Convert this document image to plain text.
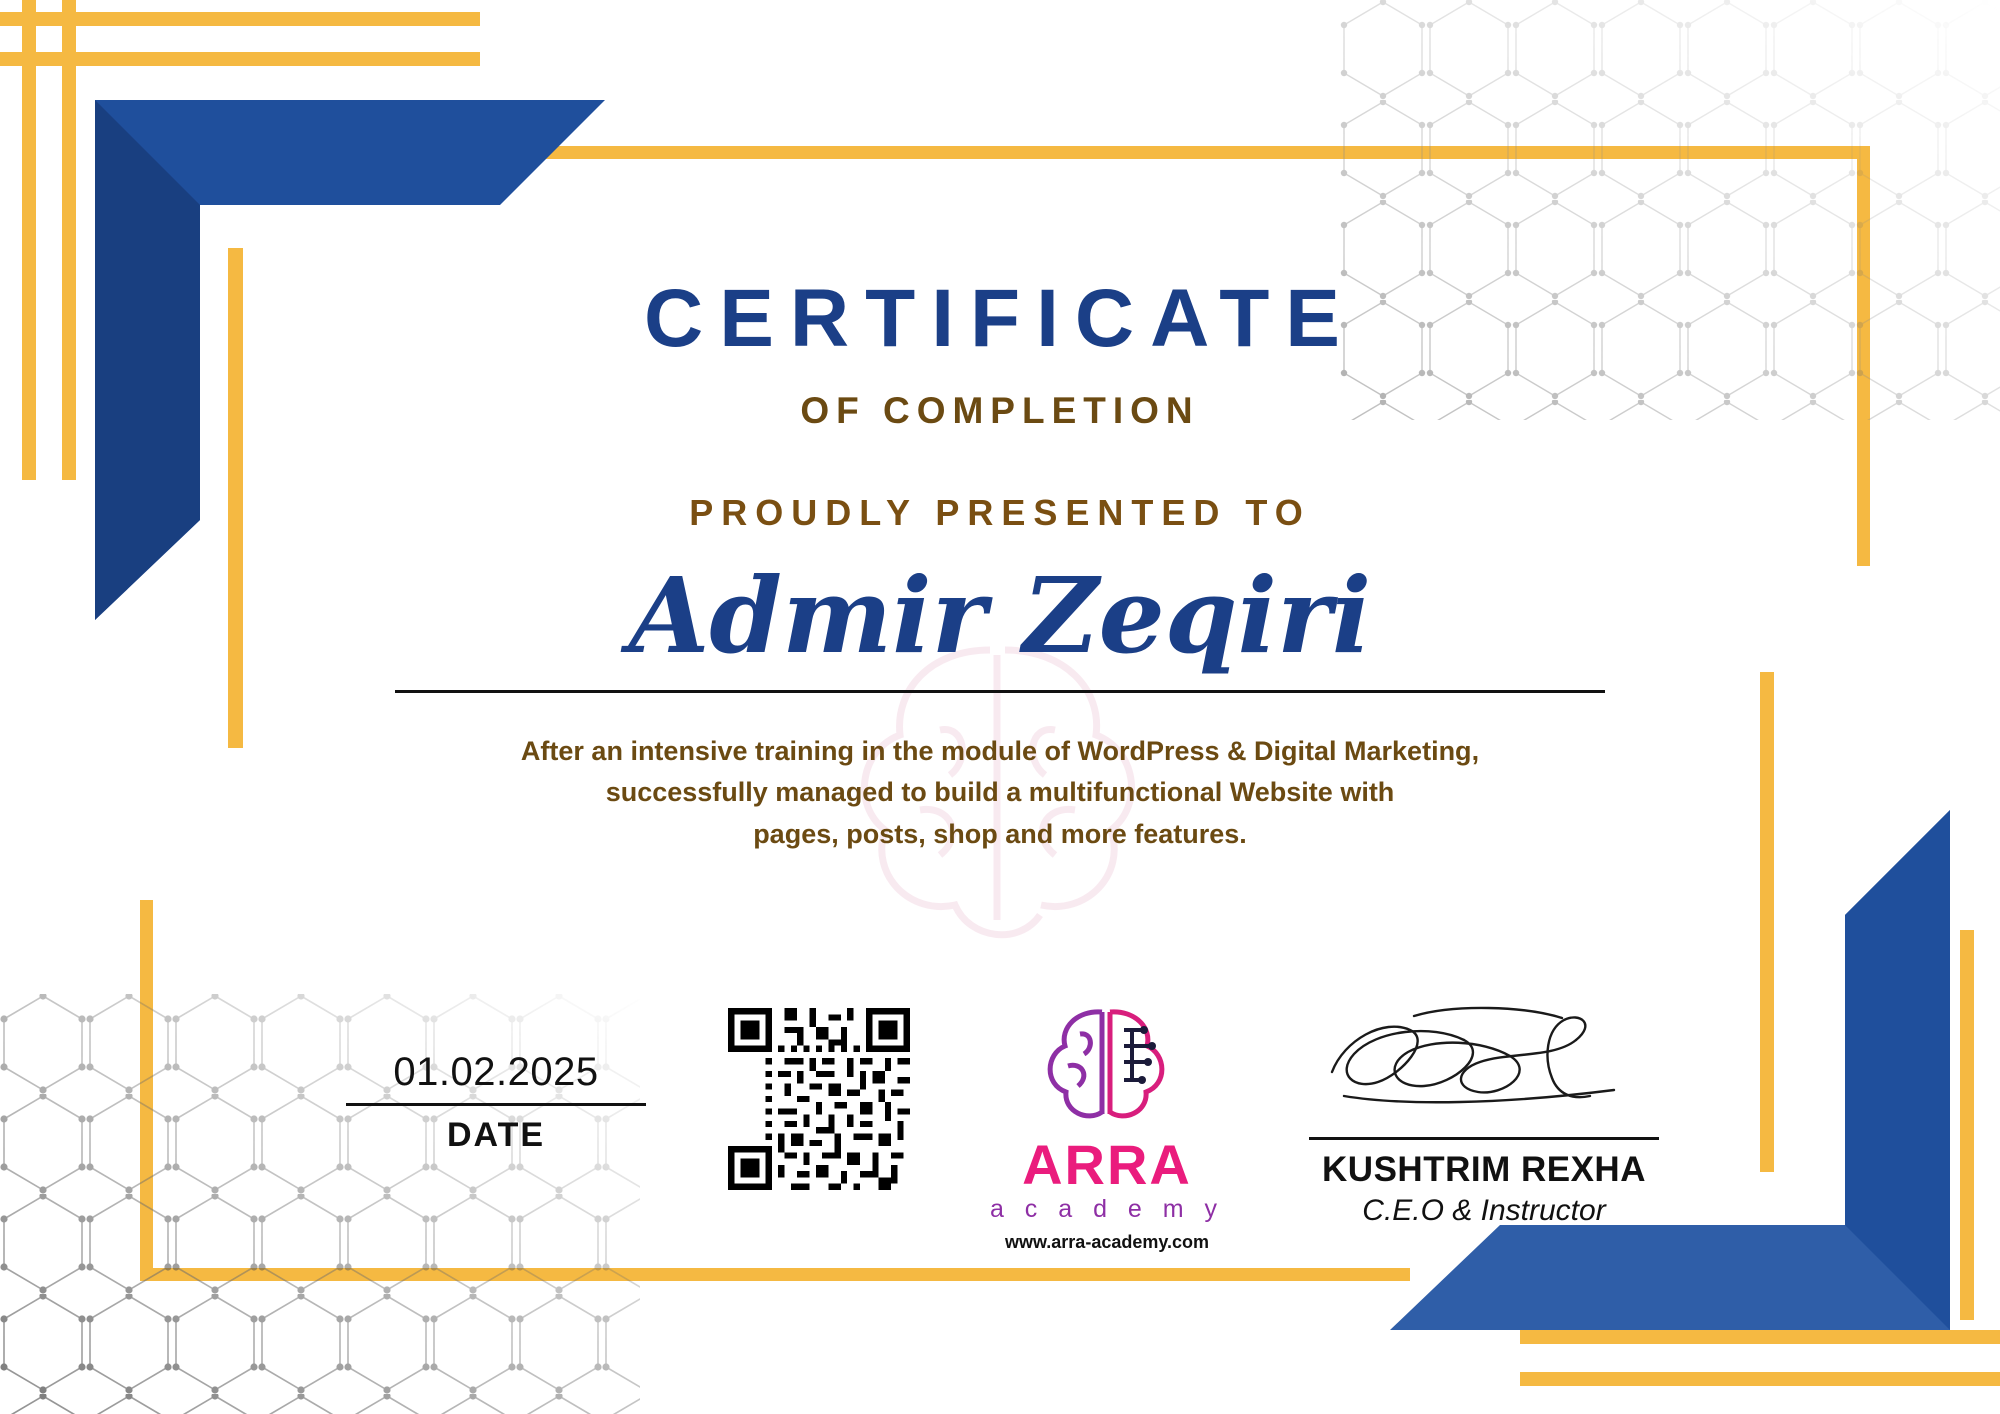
CERTIFICATE
OF COMPLETION
PROUDLY PRESENTED TO
Admir Zeqiri
After an intensive training in the module of WordPress & Digital Marketing,
successfully managed to build a multifunctional Website with
pages, posts, shop and more features.
01.02.2025
DATE	ARRA
a c a d e m y
www.arra-academy.com
KUSHTRIM REXHA
C.E.O & Instructor
